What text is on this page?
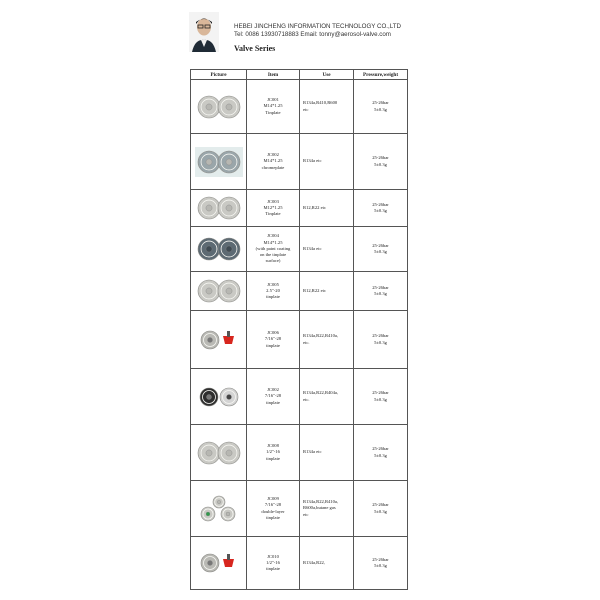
HEBEI JINCHENG INFORMATION TECHNOLOGY CO.,LTD
Tel: 0086 13930718883 Email: tonny@aerosol-valve.com
Valve Series
Picture	Item	Use	Pressure,weight

JC001
M14*1.25
Tinplate	R134a,R410,R600
etc	25-26bar
5±0.3g

JC002
M14*1.25
chromeplate	R134a etc	25-26bar
5±0.3g

JC003
M12*1.25
Tinplate	R12,R22 etc	25-26bar
5±0.3g

JC004
M14*1.25
(with paint coating
on the tinplate
surface)	R134a etc	25-26bar
5±0.3g

JC005
2.5"-20
tinplate	R12,R22 etc	25-26bar
5±0.3g

JC006
7/16"-28
tinplate	R134a,R22,R410a,
etc.	25-26bar
5±0.3g

JC002
7/16"-28
tinplate	R134a,R22,R404a,
etc.	25-26bar
5±0.3g

JC008
1/2"-16
tinplate	R134a etc	25-26bar
5±0.3g

JC009
7/16"-28
double-layer
tinplate	R134a,R22,R410a,
R600a,butane gas
etc	25-26bar
5±0.3g

JC010
1/2"-16
tinplate	R134a,R22,	25-26bar
5±0.3g
